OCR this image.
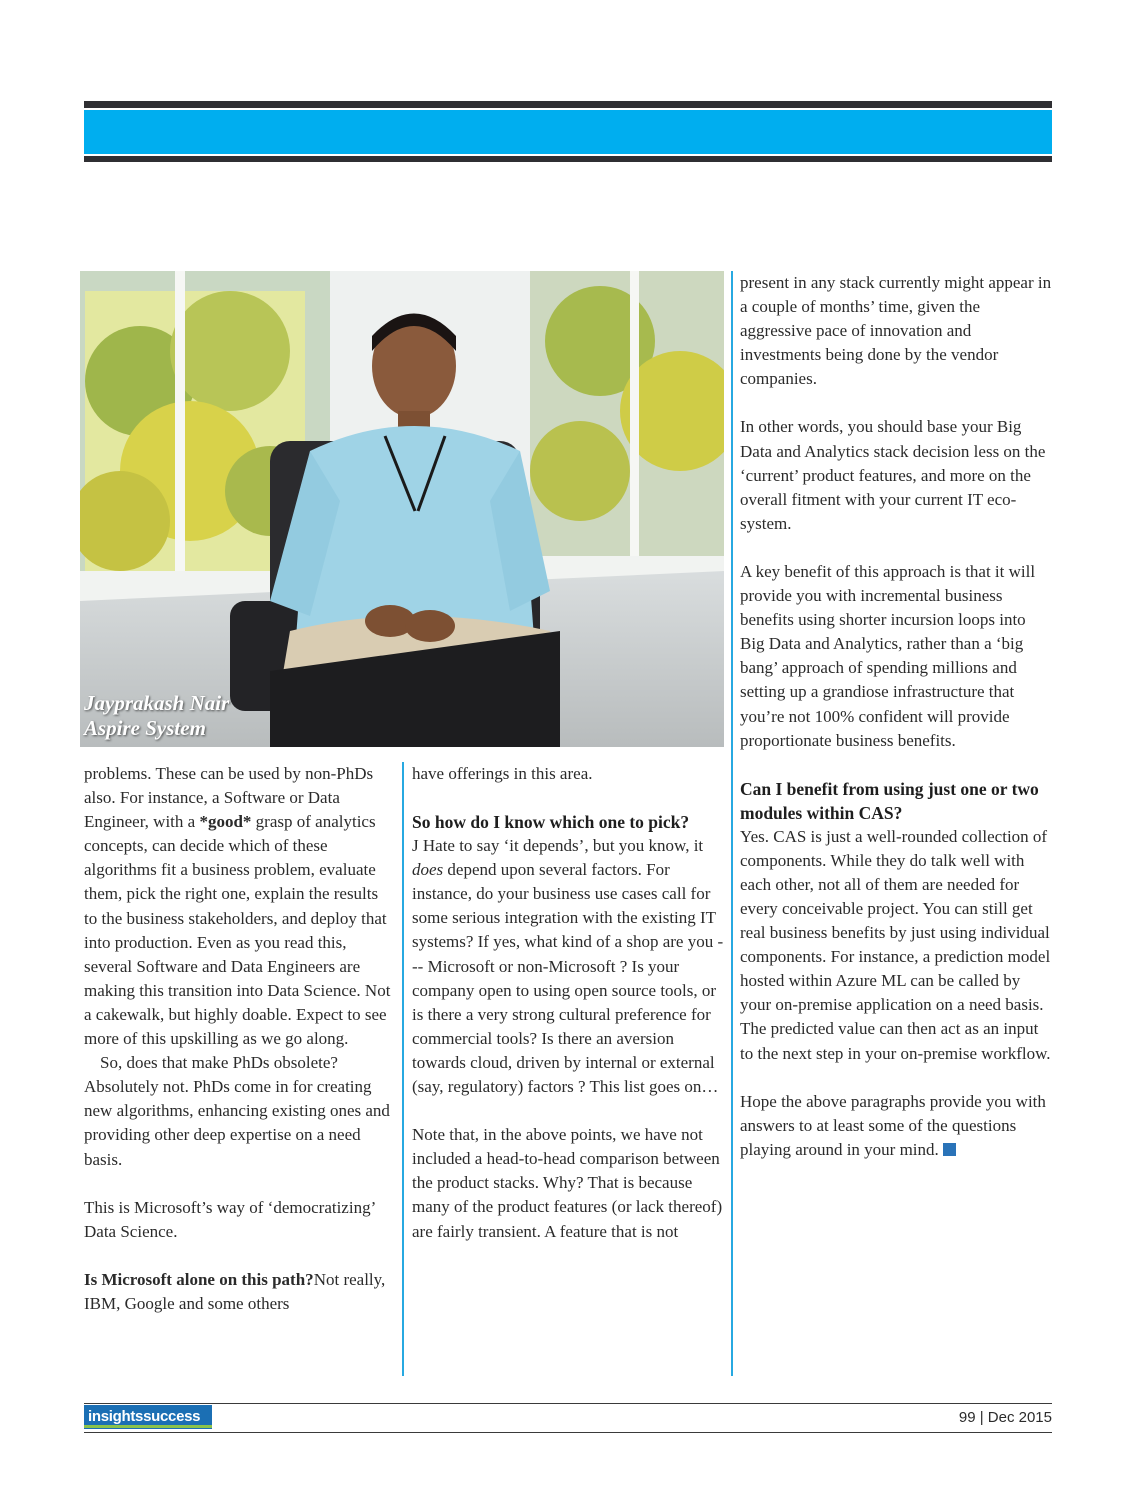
Jayprakash Nair
Aspire System

problems. These can be used by non-PhDs also. For instance, a Software or Data Engineer, with a *good* grasp of analytics concepts, can decide which of these algorithms fit a business problem, evaluate them, pick the right one, explain the results to the business stakeholders, and deploy that into production. Even as you read this, several Software and Data Engineers are making this transition into Data Science. Not a cakewalk, but highly doable. Expect to see more of this upskilling as we go along.

So, does that make PhDs obsolete? Absolutely not. PhDs come in for creating new algorithms, enhancing existing ones and providing other deep expertise on a need basis.

This is Microsoft’s way of ‘democratizing’ Data Science.

Is Microsoft alone on this path?Not really, IBM, Google and some others

have offerings in this area.

So how do I know which one to pick?

J Hate to say ‘it depends’, but you know, it does depend upon several factors. For instance, do your business use cases call for some serious integration with the existing IT systems? If yes, what kind of a shop are you --- Microsoft or non-Microsoft ? Is your company open to using open source tools, or is there a very strong cultural preference for commercial tools? Is there an aversion towards cloud, driven by internal or external (say, regulatory) factors ? This list goes on…

Note that, in the above points, we have not included a head-to-head comparison between the product stacks. Why? That is because many of the product features (or lack thereof) are fairly transient. A feature that is not

present in any stack currently might appear in a couple of months’ time, given the aggressive pace of innovation and investments being done by the vendor companies.

In other words, you should base your Big Data and Analytics stack decision less on the ‘current’ product features, and more on the overall fitment with your current IT eco-system.

A key benefit of this approach is that it will provide you with incremental business benefits using shorter incursion loops into Big Data and Analytics, rather than a ‘big bang’ approach of spending millions and setting up a grandiose infrastructure that you’re not 100% confident will provide proportionate business benefits.

Can I benefit from using just one or two modules within CAS?

Yes. CAS is just a well-rounded collection of components. While they do talk well with each other, not all of them are needed for every conceivable project. You can still get real business benefits by just using individual components. For instance, a prediction model hosted within Azure ML can be called by your on-premise application on a need basis. The predicted value can then act as an input to the next step in your on-premise workflow.

Hope the above paragraphs provide you with answers to at least some of the questions playing around in your mind.

insightssuccess	99 | Dec 2015
